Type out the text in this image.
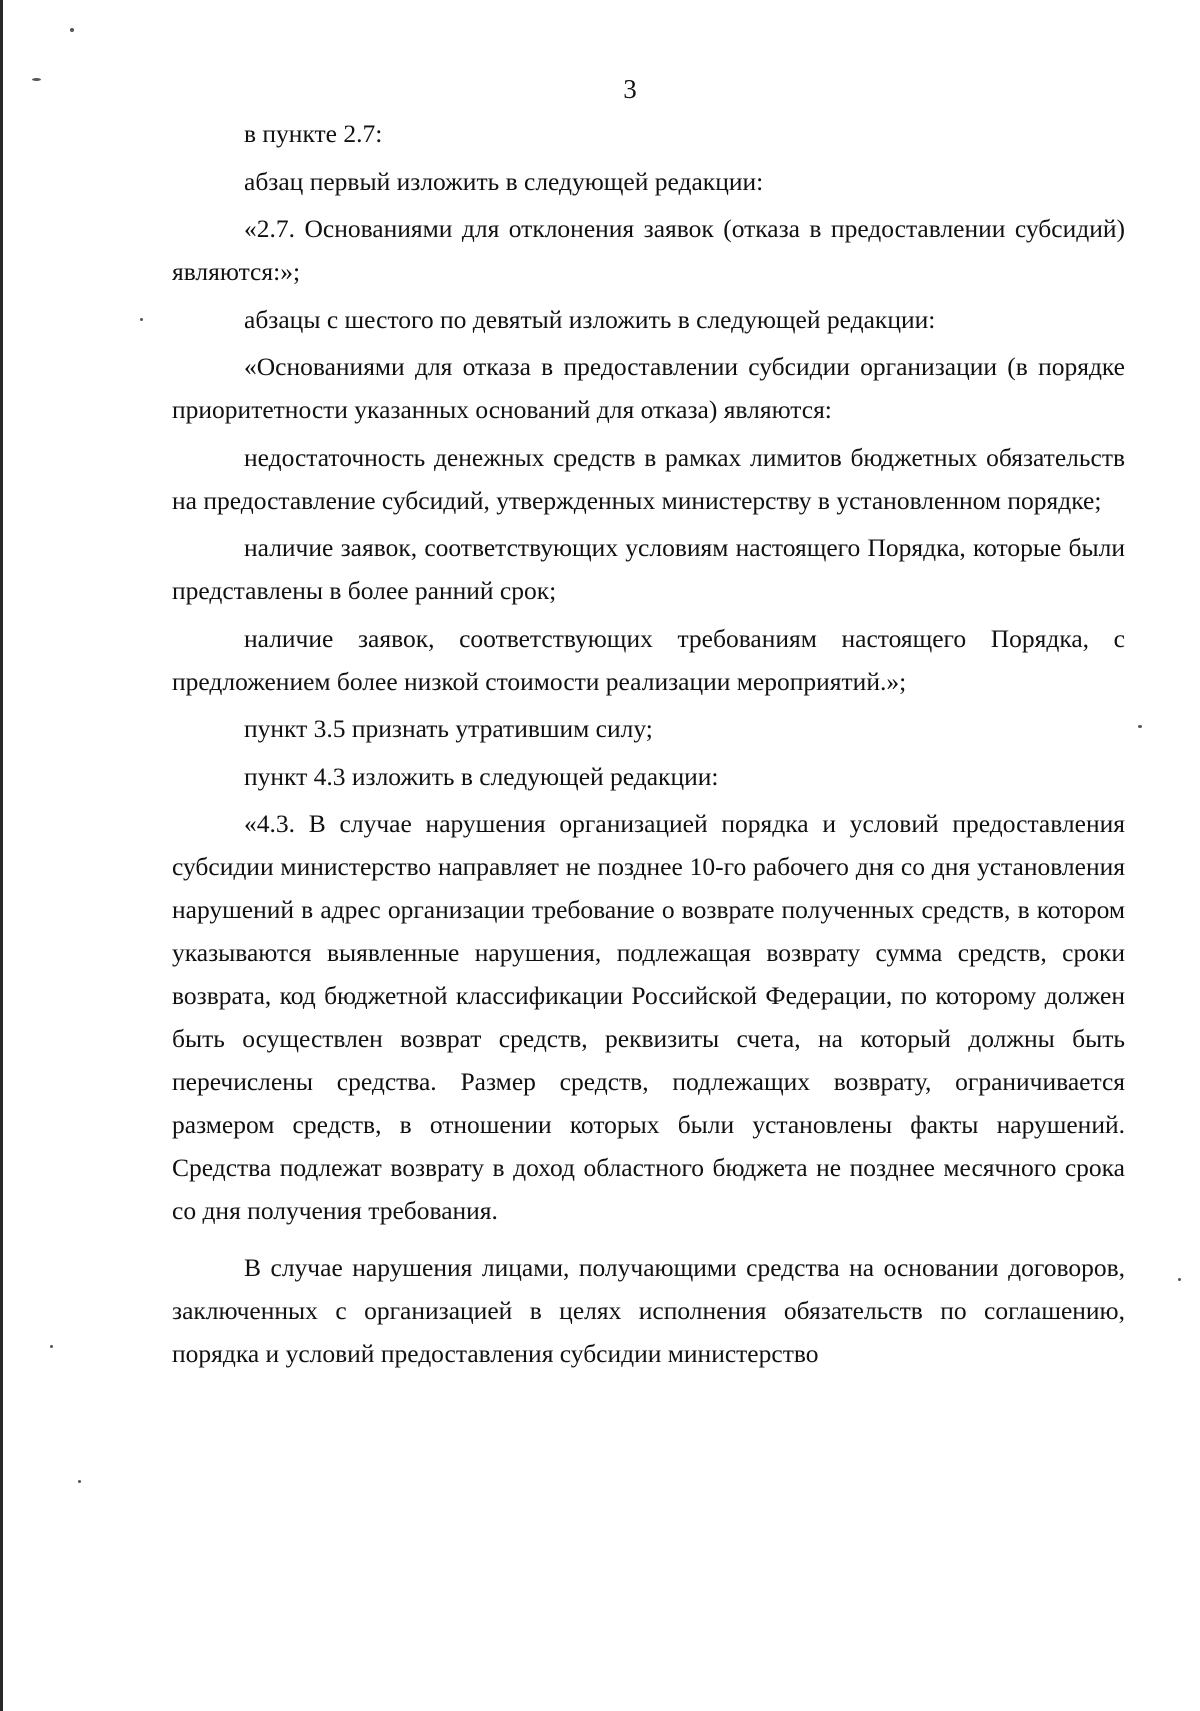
3

в пункте 2.7:

абзац первый изложить в следующей редакции:

«2.7. Основаниями для отклонения заявок (отказа в предоставлении субсидий) являются:»;

абзацы с шестого по девятый изложить в следующей редакции:

«Основаниями для отказа в предоставлении субсидии организации (в порядке приоритетности указанных оснований для отказа) являются:

недостаточность денежных средств в рамках лимитов бюджетных обязательств на предоставление субсидий, утвержденных министерству в установленном порядке;

наличие заявок, соответствующих условиям настоящего Порядка, которые были представлены в более ранний срок;

наличие заявок, соответствующих требованиям настоящего Порядка, с предложением более низкой стоимости реализации мероприятий.»;

пункт 3.5 признать утратившим силу;

пункт 4.3 изложить в следующей редакции:

«4.3. В случае нарушения организацией порядка и условий предоставления субсидии министерство направляет не позднее 10-го рабочего дня со дня установления нарушений в адрес организации требование о возврате полученных средств, в котором указываются выявленные нарушения, подлежащая возврату сумма средств, сроки возврата, код бюджетной классификации Российской Федерации, по которому должен быть осуществлен возврат средств, реквизиты счета, на который должны быть перечислены средства. Размер средств, подлежащих возврату, ограничивается размером средств, в отношении которых были установлены факты нарушений. Средства подлежат возврату в доход областного бюджета не позднее месячного срока со дня получения требования.

В случае нарушения лицами, получающими средства на основании договоров, заключенных с организацией в целях исполнения обязательств по соглашению, порядка и условий предоставления субсидии министерство
